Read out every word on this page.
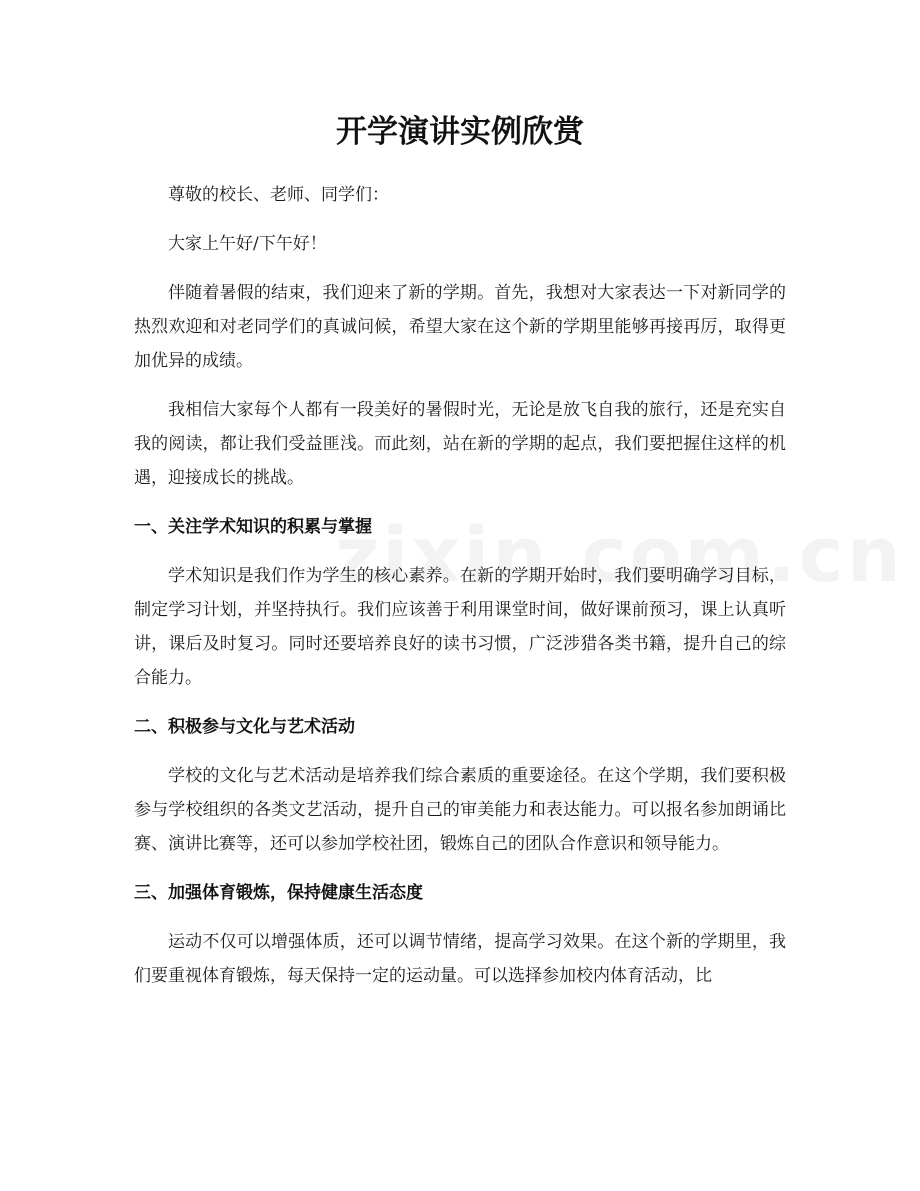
开学演讲实例欣赏

尊敬的校长、老师、同学们：

大家上午好/下午好！

伴随着暑假的结束，我们迎来了新的学期。首先，我想对大家表达一下对新同学的热烈欢迎和对老同学们的真诚问候，希望大家在这个新的学期里能够再接再厉，取得更加优异的成绩。

我相信大家每个人都有一段美好的暑假时光，无论是放飞自我的旅行，还是充实自我的阅读，都让我们受益匪浅。而此刻，站在新的学期的起点，我们要把握住这样的机遇，迎接成长的挑战。

一、关注学术知识的积累与掌握

学术知识是我们作为学生的核心素养。在新的学期开始时，我们要明确学习目标，制定学习计划，并坚持执行。我们应该善于利用课堂时间，做好课前预习，课上认真听讲，课后及时复习。同时还要培养良好的读书习惯，广泛涉猎各类书籍，提升自己的综合能力。

二、积极参与文化与艺术活动

学校的文化与艺术活动是培养我们综合素质的重要途径。在这个学期，我们要积极参与学校组织的各类文艺活动，提升自己的审美能力和表达能力。可以报名参加朗诵比赛、演讲比赛等，还可以参加学校社团，锻炼自己的团队合作意识和领导能力。

三、加强体育锻炼，保持健康生活态度

运动不仅可以增强体质，还可以调节情绪，提高学习效果。在这个新的学期里，我们要重视体育锻炼，每天保持一定的运动量。可以选择参加校内体育活动，比
